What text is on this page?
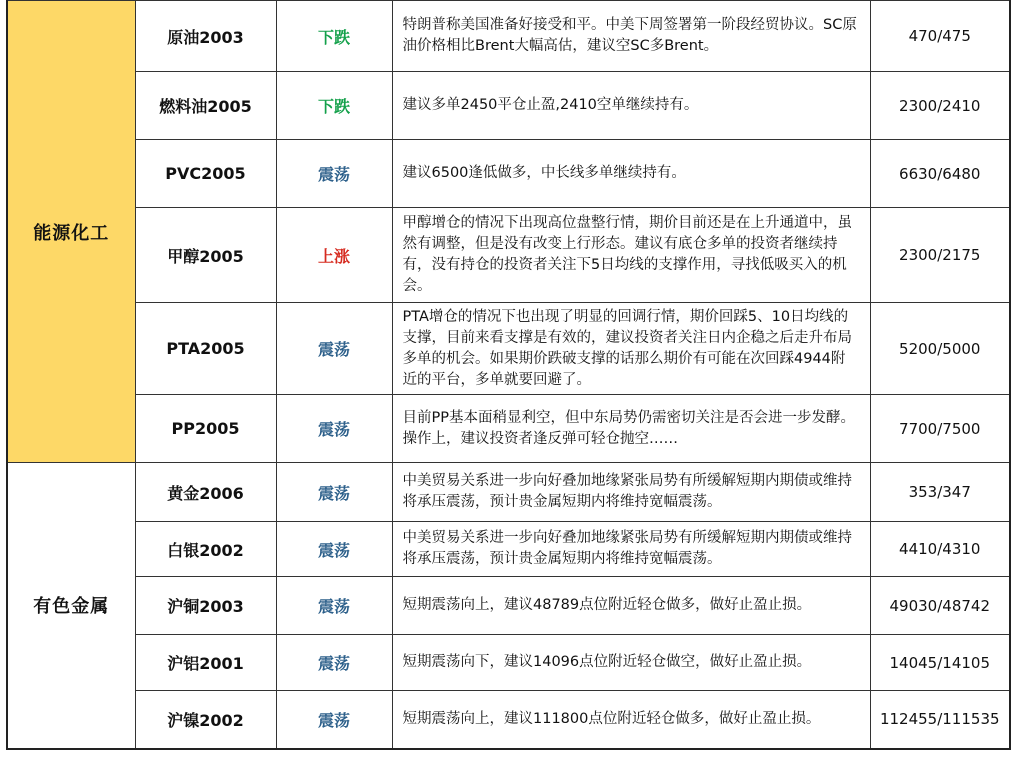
能源化工	原油2003	下跌	特朗普称美国准备好接受和平。中美下周签署第一阶段经贸协议。SC原油价格相比Brent大幅高估，建议空SC多Brent。	470/475
	燃料油2005	下跌	建议多单2450平仓止盈,2410空单继续持有。	2300/2410
	PVC2005	震荡	建议6500逢低做多，中长线多单继续持有。	6630/6480
	甲醇2005	上涨	甲醇增仓的情况下出现高位盘整行情，期价目前还是在上升通道中，虽然有调整，但是没有改变上行形态。建议有底仓多单的投资者继续持有，没有持仓的投资者关注下5日均线的支撑作用，寻找低吸买入的机会。	2300/2175
	PTA2005	震荡	PTA增仓的情况下也出现了明显的回调行情，期价回踩5、10日均线的支撑，目前来看支撑是有效的，建议投资者关注日内企稳之后走升布局多单的机会。如果期价跌破支撑的话那么期价有可能在次回踩4944附近的平台，多单就要回避了。	5200/5000
	PP2005	震荡	目前PP基本面稍显利空，但中东局势仍需密切关注是否会进一步发酵。操作上，建议投资者逢反弹可轻仓抛空……	7700/7500
有色金属	黄金2006	震荡	中美贸易关系进一步向好叠加地缘紧张局势有所缓解短期内期债或维持将承压震荡，预计贵金属短期内将维持宽幅震荡。	353/347
	白银2002	震荡	中美贸易关系进一步向好叠加地缘紧张局势有所缓解短期内期债或维持将承压震荡，预计贵金属短期内将维持宽幅震荡。	4410/4310
	沪铜2003	震荡	短期震荡向上，建议48789点位附近轻仓做多，做好止盈止损。	49030/48742
	沪铝2001	震荡	短期震荡向下，建议14096点位附近轻仓做空，做好止盈止损。	14045/14105
	沪镍2002	震荡	短期震荡向上，建议111800点位附近轻仓做多，做好止盈止损。	112455/111535
